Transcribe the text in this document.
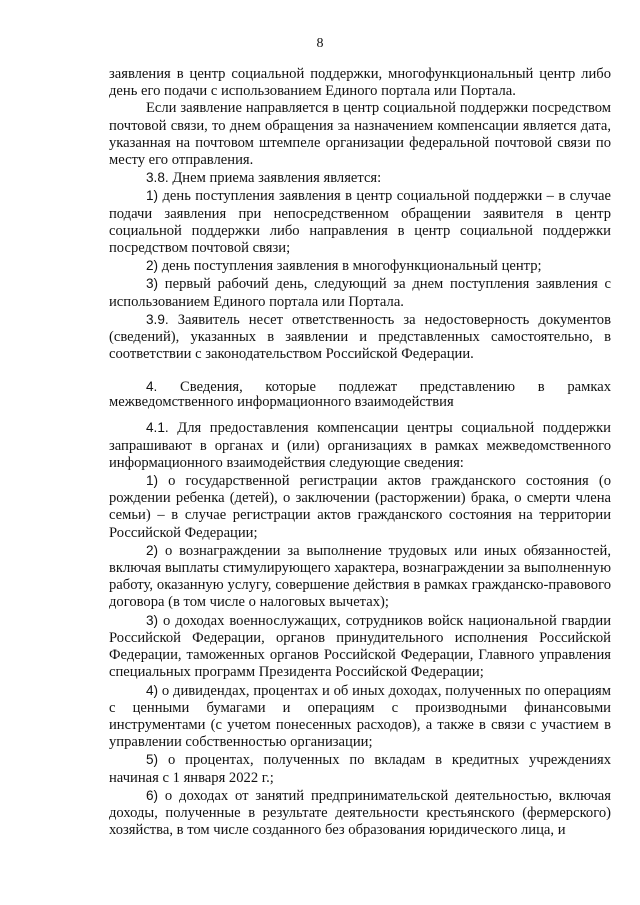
8

заявления в центр социальной поддержки, многофункциональный центр либо день его подачи с использованием Единого портала или Портала.

Если заявление направляется в центр социальной поддержки посредством почтовой связи, то днем обращения за назначением компенсации является дата, указанная на почтовом штемпеле организации федеральной почтовой связи по месту его отправления.

3.8. Днем приема заявления является:

1) день поступления заявления в центр социальной поддержки – в случае подачи заявления при непосредственном обращении заявителя в центр социальной поддержки либо направления в центр социальной поддержки посредством почтовой связи;

2) день поступления заявления в многофункциональный центр;

3) первый рабочий день, следующий за днем поступления заявления с использованием Единого портала или Портала.

3.9. Заявитель несет ответственность за недостоверность документов (сведений), указанных в заявлении и представленных самостоятельно, в соответствии с законодательством Российской Федерации.

4. Сведения, которые подлежат представлению в рамках межведомственного информационного взаимодействия

4.1. Для предоставления компенсации центры социальной поддержки запрашивают в органах и (или) организациях в рамках межведомственного информационного взаимодействия следующие сведения:

1) о государственной регистрации актов гражданского состояния (о рождении ребенка (детей), о заключении (расторжении) брака, о смерти члена семьи) – в случае регистрации актов гражданского состояния на территории Российской Федерации;

2) о вознаграждении за выполнение трудовых или иных обязанностей, включая выплаты стимулирующего характера, вознаграждении за выполненную работу, оказанную услугу, совершение действия в рамках гражданско-правового договора (в том числе о налоговых вычетах);

3) о доходах военнослужащих, сотрудников войск национальной гвардии Российской Федерации, органов принудительного исполнения Российской Федерации, таможенных органов Российской Федерации, Главного управления специальных программ Президента Российской Федерации;

4) о дивидендах, процентах и об иных доходах, полученных по операциям с ценными бумагами и операциям с производными финансовыми инструментами (с учетом понесенных расходов), а также в связи с участием в управлении собственностью организации;

5) о процентах, полученных по вкладам в кредитных учреждениях начиная с 1 января 2022 г.;

6) о доходах от занятий предпринимательской деятельностью, включая доходы, полученные в результате деятельности крестьянского (фермерского) хозяйства, в том числе созданного без образования юридического лица, и
